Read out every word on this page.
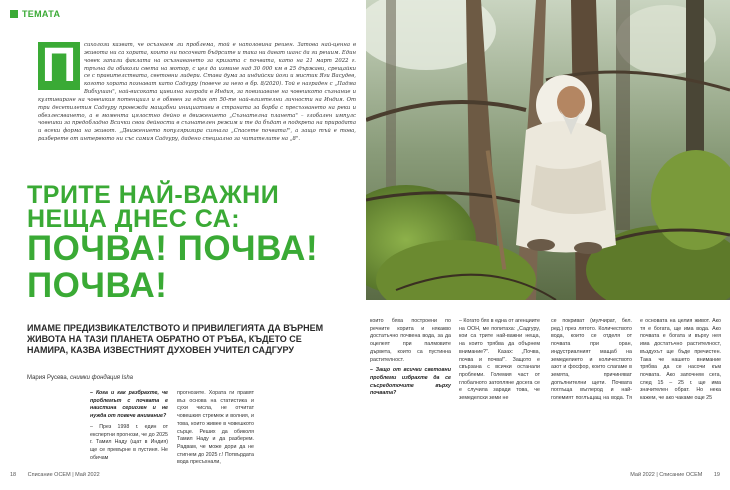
ТЕМАТА
П	сихолози казват, че осъзнаем ли проблема, той е наполовина решен. Затова най-ценна в живота ни са хората, които ни посочват бъдрсите и така ни дават шанс да ги решим. Един човек запали факлата на осъзнаването за кризата с почвата, като на 21 март 2022 г. тръгна да обиколи света на мотор, с цел да измине над 30 000 км в 25 държави, срещайки се с правителствата, световни лидери. Става дума за индийски йоги и мистик Яги Васудев, когото хората познават като Садгуру (повече за него в бр. 8/2020). Той е награден с „Падма Вибхушан", най-високата цивилна награда в Индия, за повишаване на човешкото съзнание и култивиране на човешкия потенциал и е обявен за един от 50-те най-влиятелни личности на Индия. От три десетилетия Садгуру провежда мащабни инициативи в страната за борба с пресъхването на реки и обезлесяването, а в момента цялостно дейно в движението „Съзнателна планета" – глобален импулс човешки за предобладно Всички свои дейности в съзнателен режим и те да бъдат в подкрепа на природата и всеки форма на живот. „Движението популяризира сигнала „Спасете почвата!", а защо тъй е това, разберете от интервюто ни със самия Садгуру, дадено специално за читателите на „8".
ТРИТЕ НАЙ-ВАЖНИ
НЕЩА ДНЕС СА:
ПОЧВА! ПОЧВА!
ПОЧВА!
ИМАМЕ ПРЕДИЗВИКАТЕЛСТВОТО И ПРИВИЛЕГИЯТА ДА ВЪРНЕМ ЖИВОТА НА ТАЗИ ПЛАНЕТА ОБРАТНО ОТ РЪБА, КЪДЕТО СЕ НАМИРА, КАЗВА ИЗВЕСТНИЯТ ДУХОВЕН УЧИТЕЛ САДГУРУ
Мария Русева, снимки фондация Isha
– Кога и как разбрахте, че проблемът с почвата е наистина сериозен и не нужда от повече внимание?

– През 1998 г. един от експертни прогнози, че до 2025 г. Тамил Наду (щат в Индия) ще се превърне в пустиня. Не обичам

прогнозите. Хората ги правят въз основа на статистика и сухи числа, не отчитат човешкия стремеж и волния, и това, които живее в човешкото сърце. Реших да обиколя Тамил Наду и да разберем. Радвам, че може дори да не стигнем до 2025 г.! Потвърдата вода пресъхнали,

които бяха построени по речните корита и някакво достатъчно почвена вода, за да оцелеят при палмовите дървета, които са пустинна растителност.

– Защо от всички световни проблеми избрахте да се съсредоточите върху почвата?

– Когато бях в една от агенциите на ООН, ме попитаха: „Садгуру, кои са трите най-важни неща, на които трябва да обърнем внимание?". Казах: „Почва, почва и почва!". Защото е свързана с всички останали проблеми. Големия част от глобалното затопляне досега се е случила заради това, че земеделски земи не

се покриват (мулчират, бел. ред.) през лятото. Количеството вода, които се отделя от почвата при оран, индустриалният мащаб на земеделието и количеството азот и фосфор, които слагаме в земята, причиняват допълнителни щети. Почвата поглъща въглерод и най-големият поглъщащ на вода. Тя е основата на целия живот. Ако тя е богата, ще има вода. Ако почвата е богата и върху нея има достатъчно растителност, въздухът ще бъде пречистен. Така че нашето внимание трябва да се насочи към почвата. Ако започнем сега, след 15 – 25 г. ще има значителен обрат. Но нека кажем, че ако чакаме още 25

18 Списание ОСЕМ | Май 2022	Май 2022 | Списание ОСЕМ 19
